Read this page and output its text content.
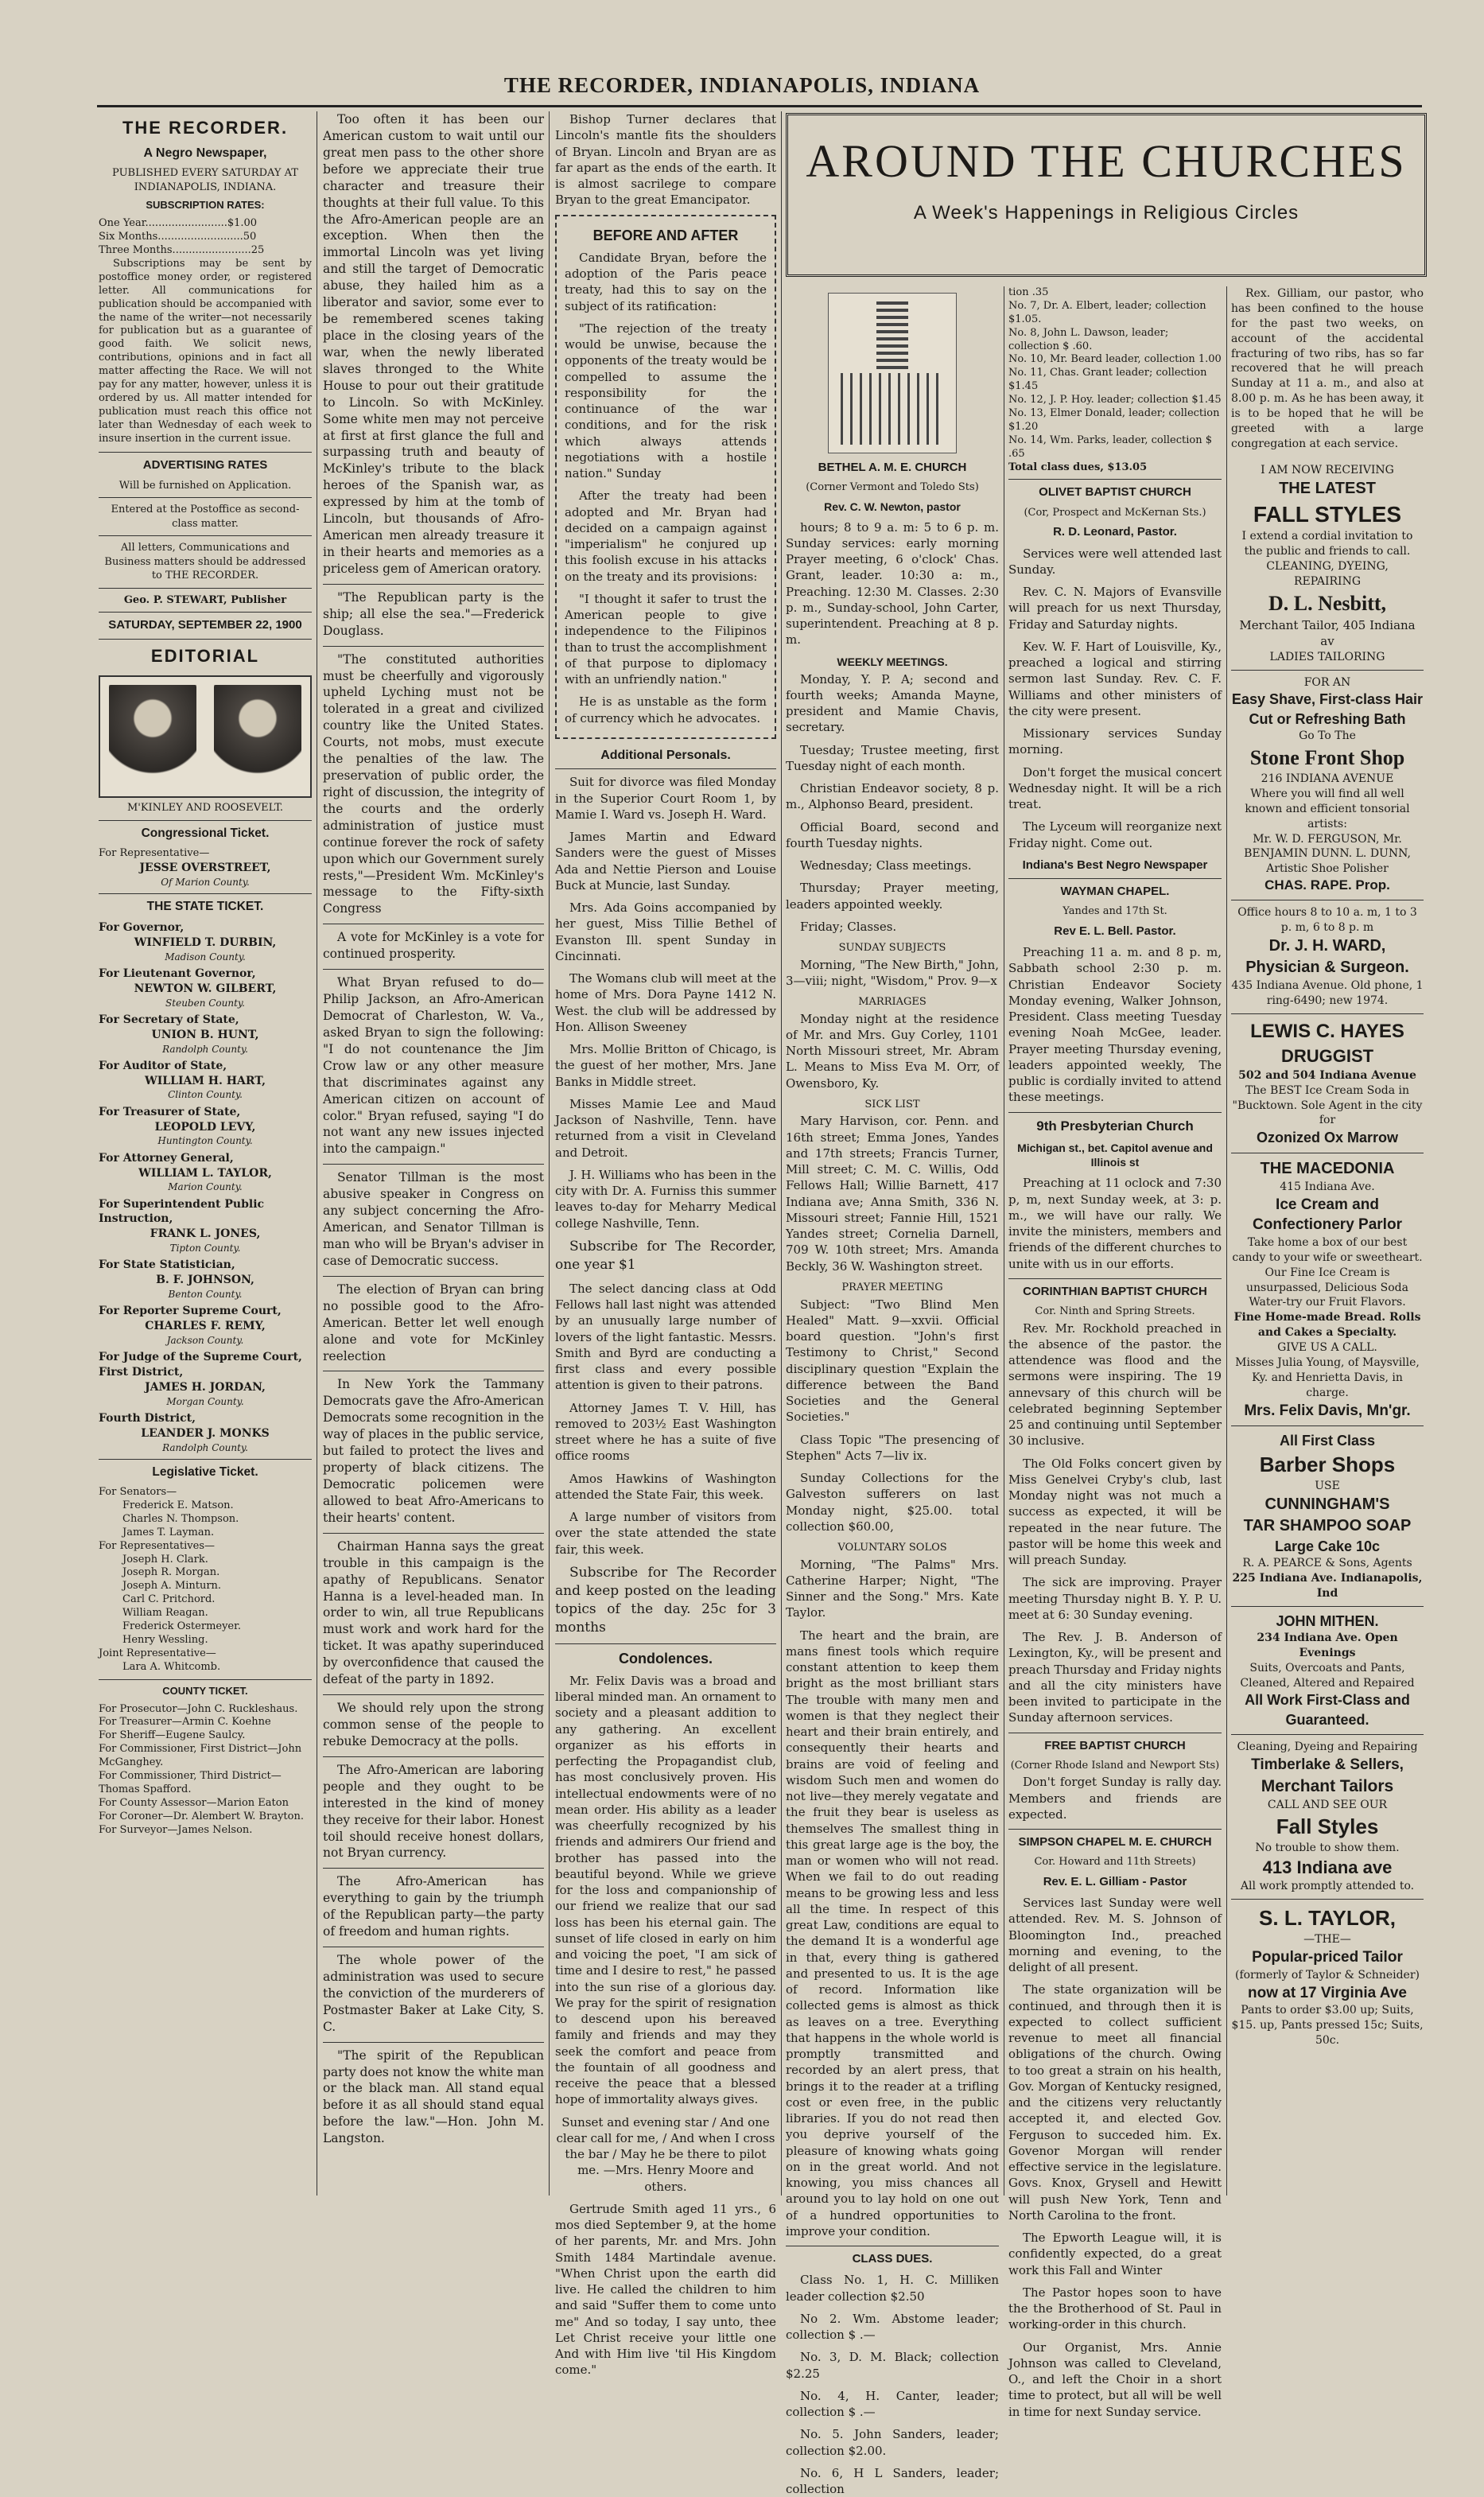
THE RECORDER, INDIANAPOLIS, INDIANA
THE RECORDER.
A Negro Newspaper,
PUBLISHED EVERY SATURDAY AT INDIANAPOLIS, INDIANA.
SUBSCRIPTION RATES:
One Year.........................$1.00
Six Months..........................50
Three Months........................25

Subscriptions may be sent by postoffice money order, or registered letter. All communications for publication should be accompanied with the name of the writer—not necessarily for publication but as a guarantee of good faith. We solicit news, contributions, opinions and in fact all matter affecting the Race. We will not pay for any matter, however, unless it is ordered by us. All matter intended for publication must reach this office not later than Wednesday of each week to insure insertion in the current issue.

ADVERTISING RATES
Will be furnished on Application.
Entered at the Postoffice as second-class matter.
All letters, Communications and Business matters should be addressed to THE RECORDER.
Geo. P. STEWART, Publisher
SATURDAY, SEPTEMBER 22, 1900
EDITORIAL
M'KINLEY AND ROOSEVELT.
Congressional Ticket.
For Representative—
JESSE OVERSTREET,
Of Marion County.
THE STATE TICKET.
For Governor,
WINFIELD T. DURBIN,
Madison County.
For Lieutenant Governor,
NEWTON W. GILBERT,
Steuben County.
For Secretary of State,
UNION B. HUNT,
Randolph County.
For Auditor of State,
WILLIAM H. HART,
Clinton County.
For Treasurer of State,
LEOPOLD LEVY,
Huntington County.
For Attorney General,
WILLIAM L. TAYLOR,
Marion County.
For Superintendent Public Instruction,
FRANK L. JONES,
Tipton County.
For State Statistician,
B. F. JOHNSON,
Benton County.
For Reporter Supreme Court,
CHARLES F. REMY,
Jackson County.
For Judge of the Supreme Court, First District,
JAMES H. JORDAN,
Morgan County.
Fourth District,
LEANDER J. MONKS
Randolph County.
Legislative Ticket.
For Senators—
Frederick E. Matson.
Charles N. Thompson.
James T. Layman.
For Representatives—
Joseph H. Clark.
Joseph R. Morgan.
Joseph A. Minturn.
Carl C. Pritchord.
William Reagan.
Frederick Ostermeyer.
Henry Wessling.
Joint Representative—
Lara A. Whitcomb.
COUNTY TICKET.
For Prosecutor—John C. Ruckleshaus.
For Treasurer—Armin C. Koehne
For Sheriff—Eugene Saulcy.
For Commissioner, First District—John McGanghey.
For Commissioner, Third District—Thomas Spafford.
For County Assessor—Marion Eaton
For Coroner—Dr. Alembert W. Brayton.
For Surveyor—James Nelson.

Too often it has been our American custom to wait until our great men pass to the other shore before we appreciate their true character and treasure their thoughts at their full value. To this the Afro-American people are an exception. When then the immortal Lincoln was yet living and still the target of Democratic abuse, they hailed him as a liberator and savior, some ever to be remembered scenes taking place in the closing years of the war, when the newly liberated slaves thronged to the White House to pour out their gratitude to Lincoln. So with McKinley. Some white men may not perceive at first at first glance the full and surpassing truth and beauty of McKinley's tribute to the black heroes of the Spanish war, as expressed by him at the tomb of Lincoln, but thousands of Afro-American men already treasure it in their hearts and memories as a priceless gem of American oratory.

"The Republican party is the ship; all else the sea."—Frederick Douglass.

"The constituted authorities must be cheerfully and vigorously upheld Lyching must not be tolerated in a great and civilized country like the United States. Courts, not mobs, must execute the penalties of the law. The preservation of public order, the right of discussion, the integrity of the courts and the orderly administration of justice must continue forever the rock of safety upon which our Government surely rests,"—President Wm. McKinley's message to the Fifty-sixth Congress

A vote for McKinley is a vote for continued prosperity.

What Bryan refused to do—Philip Jackson, an Afro-American Democrat of Charleston, W. Va., asked Bryan to sign the following: "I do not countenance the Jim Crow law or any other measure that discriminates against any American citizen on account of color." Bryan refused, saying "I do not want any new issues injected into the campaign."

Senator Tillman is the most abusive speaker in Congress on any subject concerning the Afro-American, and Senator Tillman is man who will be Bryan's adviser in case of Democratic success.

The election of Bryan can bring no possible good to the Afro-American. Better let well enough alone and vote for McKinley reelection

In New York the Tammany Democrats gave the Afro-American Democrats some recognition in the way of places in the public service, but failed to protect the lives and property of black citizens. The Democratic policemen were allowed to beat Afro-Americans to their hearts' content.

Chairman Hanna says the great trouble in this campaign is the apathy of Republicans. Senator Hanna is a level-headed man. In order to win, all true Republicans must work and work hard for the ticket. It was apathy superinduced by overconfidence that caused the defeat of the party in 1892.

We should rely upon the strong common sense of the people to rebuke Democracy at the polls.

The Afro-American are laboring people and they ought to be interested in the kind of money they receive for their labor. Honest toil should receive honest dollars, not Bryan currency.

The Afro-American has everything to gain by the triumph of the Republican party—the party of freedom and human rights.

The whole power of the administration was used to secure the conviction of the murderers of Postmaster Baker at Lake City, S. C.

"The spirit of the Republican party does not know the white man or the black man. All stand equal before it as all should stand equal before the law."—Hon. John M. Langston.

Bishop Turner declares that Lincoln's mantle fits the shoulders of Bryan. Lincoln and Bryan are as far apart as the ends of the earth. It is almost sacrilege to compare Bryan to the great Emancipator.

BEFORE AND AFTER

Candidate Bryan, before the adoption of the Paris peace treaty, had this to say on the subject of its ratification:

"The rejection of the treaty would be unwise, because the opponents of the treaty would be compelled to assume the responsibility for the continuance of the war conditions, and for the risk which always attends negotiations with a hostile nation." Sunday

After the treaty had been adopted and Mr. Bryan had decided on a campaign against "imperialism" he conjured up this foolish excuse in his attacks on the treaty and its provisions:

"I thought it safer to trust the American people to give independence to the Filipinos than to trust the accomplishment of that purpose to diplomacy with an unfriendly nation."

He is as unstable as the form of currency which he advocates.

Additional Personals.

Suit for divorce was filed Monday in the Superior Court Room 1, by Mamie I. Ward vs. Joseph H. Ward.

James Martin and Edward Sanders were the guest of Misses Ada and Nettie Pierson and Louise Buck at Muncie, last Sunday.

Mrs. Ada Goins accompanied by her guest, Miss Tillie Bethel of Evanston Ill. spent Sunday in Cincinnati.

The Womans club will meet at the home of Mrs. Dora Payne 1412 N. West. the club will be addressed by Hon. Allison Sweeney

Mrs. Mollie Britton of Chicago, is the guest of her mother, Mrs. Jane Banks in Middle street.

Misses Mamie Lee and Maud Jackson of Nashville, Tenn. have returned from a visit in Cleveland and Detroit.

J. H. Williams who has been in the city with Dr. A. Furniss this summer leaves to-day for Meharry Medical college Nashville, Tenn.

Subscribe for The Recorder, one year $1

The select dancing class at Odd Fellows hall last night was attended by an unusually large number of lovers of the light fantastic. Messrs. Smith and Byrd are conducting a first class and every possible attention is given to their patrons.

Attorney James T. V. Hill, has removed to 203½ East Washington street where he has a suite of five office rooms

Amos Hawkins of Washington attended the State Fair, this week.

A large number of visitors from over the state attended the state fair, this week.

Subscribe for The Recorder and keep posted on the leading topics of the day. 25c for 3 months

Condolences.

Mr. Felix Davis was a broad and liberal minded man. An ornament to society and a pleasant addition to any gathering. An excellent organizer as his efforts in perfecting the Propagandist club, has most conclusively proven. His intellectual endowments were of no mean order. His ability as a leader was cheerfully recognized by his friends and admirers Our friend and brother has passed into the beautiful beyond. While we grieve for the loss and companionship of our friend we realize that our sad loss has been his eternal gain. The sunset of life closed in early on him and voicing the poet, "I am sick of time and I desire to rest," he passed into the sun rise of a glorious day. We pray for the spirit of resignation to descend upon his bereaved family and friends and may they seek the comfort and peace from the fountain of all goodness and receive the peace that a blessed hope of immortality always gives.

Sunset and evening star / And one clear call for me, / And when I cross the bar / May he be there to pilot me. —Mrs. Henry Moore and others.

Gertrude Smith aged 11 yrs., 6 mos died September 9, at the home of her parents, Mr. and Mrs. John Smith 1484 Martindale avenue. "When Christ upon the earth did live. He called the children to him and said "Suffer them to come unto me" And so today, I say unto, thee Let Christ receive your little one And with Him live 'til His Kingdom come."

AROUND THE CHURCHES
A Week's Happenings in Religious Circles
BETHEL A. M. E. CHURCH
(Corner Vermont and Toledo Sts)
Rev. C. W. Newton, pastor

hours; 8 to 9 a. m: 5 to 6 p. m. Sunday services: early morning Prayer meeting, 6 o'clock' Chas. Grant, leader. 10:30 a: m., Preaching. 12:30 M. Classes. 2:30 p. m., Sunday-school, John Carter, superintendent. Preaching at 8 p. m.

WEEKLY MEETINGS.

Monday, Y. P. A; second and fourth weeks; Amanda Mayne, president and Mamie Chavis, secretary.

Tuesday; Trustee meeting, first Tuesday night of each month.

Christian Endeavor society, 8 p. m., Alphonso Beard, president.

Official Board, second and fourth Tuesday nights.

Wednesday; Class meetings.

Thursday; Prayer meeting, leaders appointed weekly.

Friday; Classes.

SUNDAY SUBJECTS

Morning, "The New Birth," John, 3—viii; night, "Wisdom," Prov. 9—x

MARRIAGES

Monday night at the residence of Mr. and Mrs. Guy Corley, 1101 North Missouri street, Mr. Abram L. Means to Miss Eva M. Orr, of Owensboro, Ky.

SICK LIST

Mary Harvison, cor. Penn. and 16th street; Emma Jones, Yandes and 17th streets; Francis Turner, Mill street; C. M. C. Willis, Odd Fellows Hall; Willie Barnett, 417 Indiana ave; Anna Smith, 336 N. Missouri street; Fannie Hill, 1521 Yandes street; Cornelia Darnell, 709 W. 10th street; Mrs. Amanda Beckly, 36 W. Washington street.

PRAYER MEETING

Subject: "Two Blind Men Healed" Matt. 9—xxvii. Official board question. "John's first Testimony to Christ," Second disciplinary question "Explain the difference between the Band Societies and the General Societies."

Class Topic "The presencing of Stephen" Acts 7—liv ix.

Sunday Collections for the Galveston sufferers on last Monday night, $25.00. total collection $60.00,

VOLUNTARY SOLOS

Morning, "The Palms" Mrs. Catherine Harper; Night, "The Sinner and the Song." Mrs. Kate Taylor.

The heart and the brain, are mans finest tools which require constant attention to keep them bright as the most brilliant stars The trouble with many men and women is that they neglect their heart and their brain entirely, and consequently their hearts and brains are void of feeling and wisdom Such men and women do not live—they merely vegatate and the fruit they bear is useless as themselves The smallest thing in this great large age is the boy, the man or women who will not read. When we fail to do out reading means to be growing less and less all the time. In respect of this great Law, conditions are equal to the demand It is a wonderful age in that, every thing is gathered and presented to us. It is the age of record. Information like collected gems is almost as thick as leaves on a tree. Everything that happens in the whole world is promptly transmitted and recorded by an alert press, that brings it to the reader at a trifling cost or even free, in the public libraries. If you do not read then you deprive yourself of the pleasure of knowing whats going on in the great world. And not knowing, you miss chances all around you to lay hold on one out of a hundred opportunities to improve your condition.

CLASS DUES.

Class No. 1, H. C. Milliken leader collection $2.50

No 2. Wm. Abstome leader; collection $ .—

No. 3, D. M. Black; collection $2.25

No. 4, H. Canter, leader; collection $ .—

No. 5. John Sanders, leader; collection $2.00.

No. 6, H L Sanders, leader; collection

tion .35
No. 7, Dr. A. Elbert, leader; collection $1.05.
No. 8, John L. Dawson, leader; collection $ .60.
No. 10, Mr. Beard leader, collection 1.00
No. 11, Chas. Grant leader; collection $1.45
No. 12, J. P. Hoy. leader; collection $1.45
No. 13, Elmer Donald, leader; collection $1.20
No. 14, Wm. Parks, leader, collection $ .65
Total class dues, $13.05
OLIVET BAPTIST CHURCH
(Cor, Prospect and McKernan Sts.)
R. D. Leonard, Pastor.

Services were well attended last Sunday.

Rev. C. N. Majors of Evansville will preach for us next Thursday, Friday and Saturday nights.

Kev. W. F. Hart of Louisville, Ky., preached a logical and stirring sermon last Sunday. Rev. C. F. Williams and other ministers of the city were present.

Missionary services Sunday morning.

Don't forget the musical concert Wednesday night. It will be a rich treat.

The Lyceum will reorganize next Friday night. Come out.

Indiana's Best Negro Newspaper
WAYMAN CHAPEL.
Yandes and 17th St.
Rev E. L. Bell. Pastor.

Preaching 11 a. m. and 8 p. m, Sabbath school 2:30 p. m. Christian Endeavor Society Monday evening, Walker Johnson, President. Class meeting Tuesday evening Noah McGee, leader. Prayer meeting Thursday evening, leaders appointed weekly, The public is cordially invited to attend these meetings.

9th Presbyterian Church
Michigan st., bet. Capitol avenue and Illinois st

Preaching at 11 oclock and 7:30 p, m, next Sunday week, at 3: p. m., we will have our rally. We invite the ministers, members and friends of the different churches to unite with us in our efforts.

CORINTHIAN BAPTIST CHURCH
Cor. Ninth and Spring Streets.

Rev. Mr. Rockhold preached in the absence of the pastor. the attendence was flood and the sermons were inspiring. The 19 annevsary of this church will be celebrated beginning September 25 and continuing until September 30 inclusive.

The Old Folks concert given by Miss Genelvei Cryby's club, last Monday night was not much a success as expected, it will be repeated in the near future. The pastor will be home this week and will preach Sunday.

The sick are improving. Prayer meeting Thursday night B. Y. P. U. meet at 6: 30 Sunday evening.

The Rev. J. B. Anderson of Lexington, Ky., will be present and preach Thursday and Friday nights and all the city ministers have been invited to participate in the Sunday afternoon services.

FREE BAPTIST CHURCH
(Corner Rhode Island and Newport Sts)

Don't forget Sunday is rally day. Members and friends are expected.

SIMPSON CHAPEL M. E. CHURCH
Cor. Howard and 11th Streets)
Rev. E. L. Gilliam - Pastor

Services last Sunday were well attended. Rev. M. S. Johnson of Bloomington Ind., preached morning and evening, to the delight of all present.

The state organization will be continued, and through then it is expected to collect sufficient revenue to meet all financial obligations of the church. Owing to too great a strain on his health, Gov. Morgan of Kentucky resigned, and the citizens very reluctantly accepted it, and elected Gov. Ferguson to succeded him. Ex. Govenor Morgan will render effective service in the legislature. Govs. Knox, Grysell and Hewitt will push New York, Tenn and North Carolina to the front.

The Epworth League will, it is confidently expected, do a great work this Fall and Winter

The Pastor hopes soon to have the the Brotherhood of St. Paul in working-order in this church.

Our Organist, Mrs. Annie Johnson was called to Cleveland, O., and left the Choir in a short time to protect, but all will be well in time for next Sunday service.

Rex. Gilliam, our pastor, who has been confined to the house for the past two weeks, on account of the accidental fracturing of two ribs, has so far recovered that he will preach Sunday at 11 a. m., and also at 8.00 p. m. As he has been away, it is to be hoped that he will be greeted with a large congregation at each service.

I AM NOW RECEIVING
THE LATEST
FALL STYLES
I extend a cordial invitation to the public and friends to call.
CLEANING, DYEING, REPAIRING
D. L. Nesbitt,
Merchant Tailor, 405 Indiana av
LADIES TAILORING
FOR AN
Easy Shave, First-class Hair Cut or Refreshing Bath
Go To The
Stone Front Shop
216 INDIANA AVENUE
Where you will find all well known and efficient tonsorial artists:
Mr. W. D. FERGUSON, Mr. BENJAMIN DUNN. L. DUNN, Artistic Shoe Polisher
CHAS. RAPE. Prop.
Office hours 8 to 10 a. m, 1 to 3 p. m, 6 to 8 p. m
Dr. J. H. WARD,
Physician & Surgeon.
435 Indiana Avenue. Old phone, 1 ring-6490; new 1974.
LEWIS C. HAYES
DRUGGIST
502 and 504 Indiana Avenue
The BEST Ice Cream Soda in "Bucktown. Sole Agent in the city for
Ozonized Ox Marrow
THE MACEDONIA
415 Indiana Ave.
Ice Cream and Confectionery Parlor
Take home a box of our best candy to your wife or sweetheart. Our Fine Ice Cream is unsurpassed, Delicious Soda Water-try our Fruit Flavors.
Fine Home-made Bread. Rolls and Cakes a Specialty.
GIVE US A CALL.
Misses Julia Young, of Maysville, Ky. and Henrietta Davis, in charge.
Mrs. Felix Davis, Mn'gr.
All First Class
Barber Shops
USE
CUNNINGHAM'S
TAR SHAMPOO SOAP
Large Cake 10c
R. A. PEARCE & Sons, Agents
225 Indiana Ave. Indianapolis, Ind
JOHN MITHEN.
234 Indiana Ave. Open Evenings
Suits, Overcoats and Pants, Cleaned, Altered and Repaired
All Work First-Class and Guaranteed.
Cleaning, Dyeing and Repairing
Timberlake & Sellers,
Merchant Tailors
CALL AND SEE OUR
Fall Styles
No trouble to show them.
413 Indiana ave
All work promptly attended to.
S. L. TAYLOR,
—THE—
Popular-priced Tailor
(formerly of Taylor & Schneider)
now at 17 Virginia Ave
Pants to order $3.00 up; Suits, $15. up, Pants pressed 15c; Suits, 50c.
